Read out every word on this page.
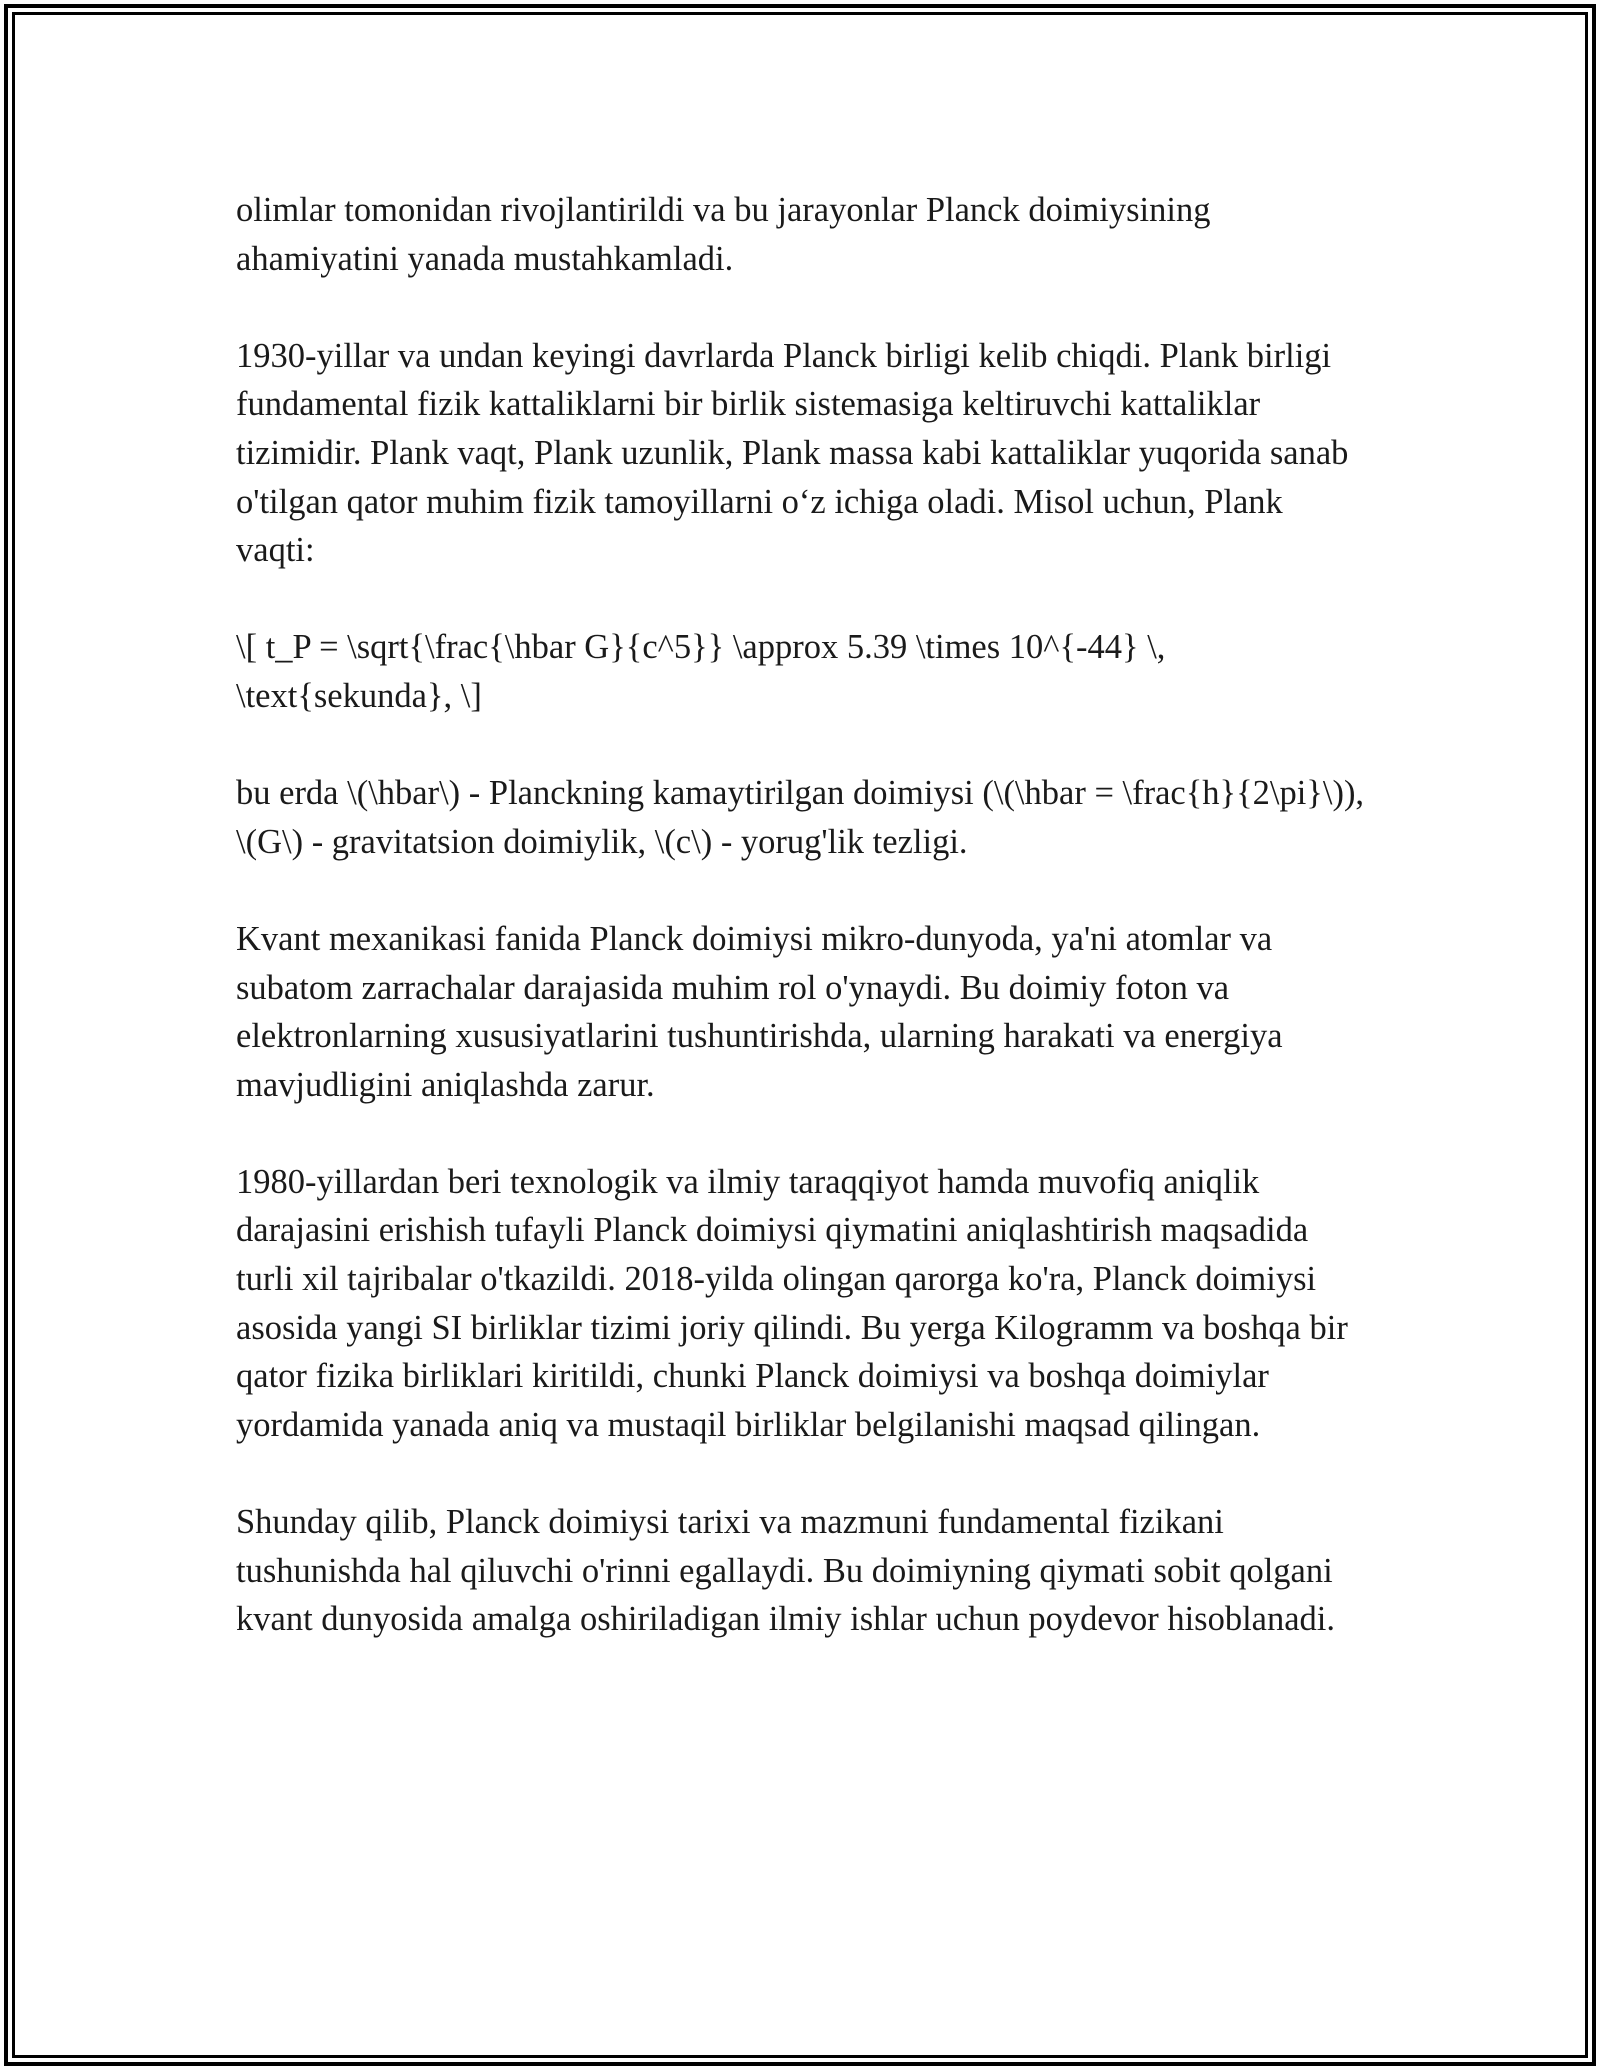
olimlar tomonidan rivojlantirildi va bu jarayonlar Planck doimiysining ahamiyatini yanada mustahkamladi.

1930-yillar va undan keyingi davrlarda Planck birligi kelib chiqdi. Plank birligi fundamental fizik kattaliklarni bir birlik sistemasiga keltiruvchi kattaliklar tizimidir. Plank vaqt, Plank uzunlik, Plank massa kabi kattaliklar yuqorida sanab o'tilgan qator muhim fizik tamoyillarni o‘z ichiga oladi. Misol uchun, Plank vaqti:

\[ t_P = \sqrt{\frac{\hbar G}{c^5}} \approx 5.39 \times 10^{-44} \, \text{sekunda}, \]

bu erda \(\hbar\) - Planckning kamaytirilgan doimiysi (\(\hbar = \frac{h}{2\pi}\)), \(G\) - gravitatsion doimiylik, \(c\) - yorug'lik tezligi.

Kvant mexanikasi fanida Planck doimiysi mikro-dunyoda, ya'ni atomlar va subatom zarrachalar darajasida muhim rol o'ynaydi. Bu doimiy foton va elektronlarning xususiyatlarini tushuntirishda, ularning harakati va energiya mavjudligini aniqlashda zarur.

1980-yillardan beri texnologik va ilmiy taraqqiyot hamda muvofiq aniqlik darajasini erishish tufayli Planck doimiysi qiymatini aniqlashtirish maqsadida turli xil tajribalar o'tkazildi. 2018-yilda olingan qarorga ko'ra, Planck doimiysi asosida yangi SI birliklar tizimi joriy qilindi. Bu yerga Kilogramm va boshqa bir qator fizika birliklari kiritildi, chunki Planck doimiysi va boshqa doimiylar yordamida yanada aniq va mustaqil birliklar belgilanishi maqsad qilingan.

Shunday qilib, Planck doimiysi tarixi va mazmuni fundamental fizikani tushunishda hal qiluvchi o'rinni egallaydi. Bu doimiyning qiymati sobit qolgani kvant dunyosida amalga oshiriladigan ilmiy ishlar uchun poydevor hisoblanadi.
